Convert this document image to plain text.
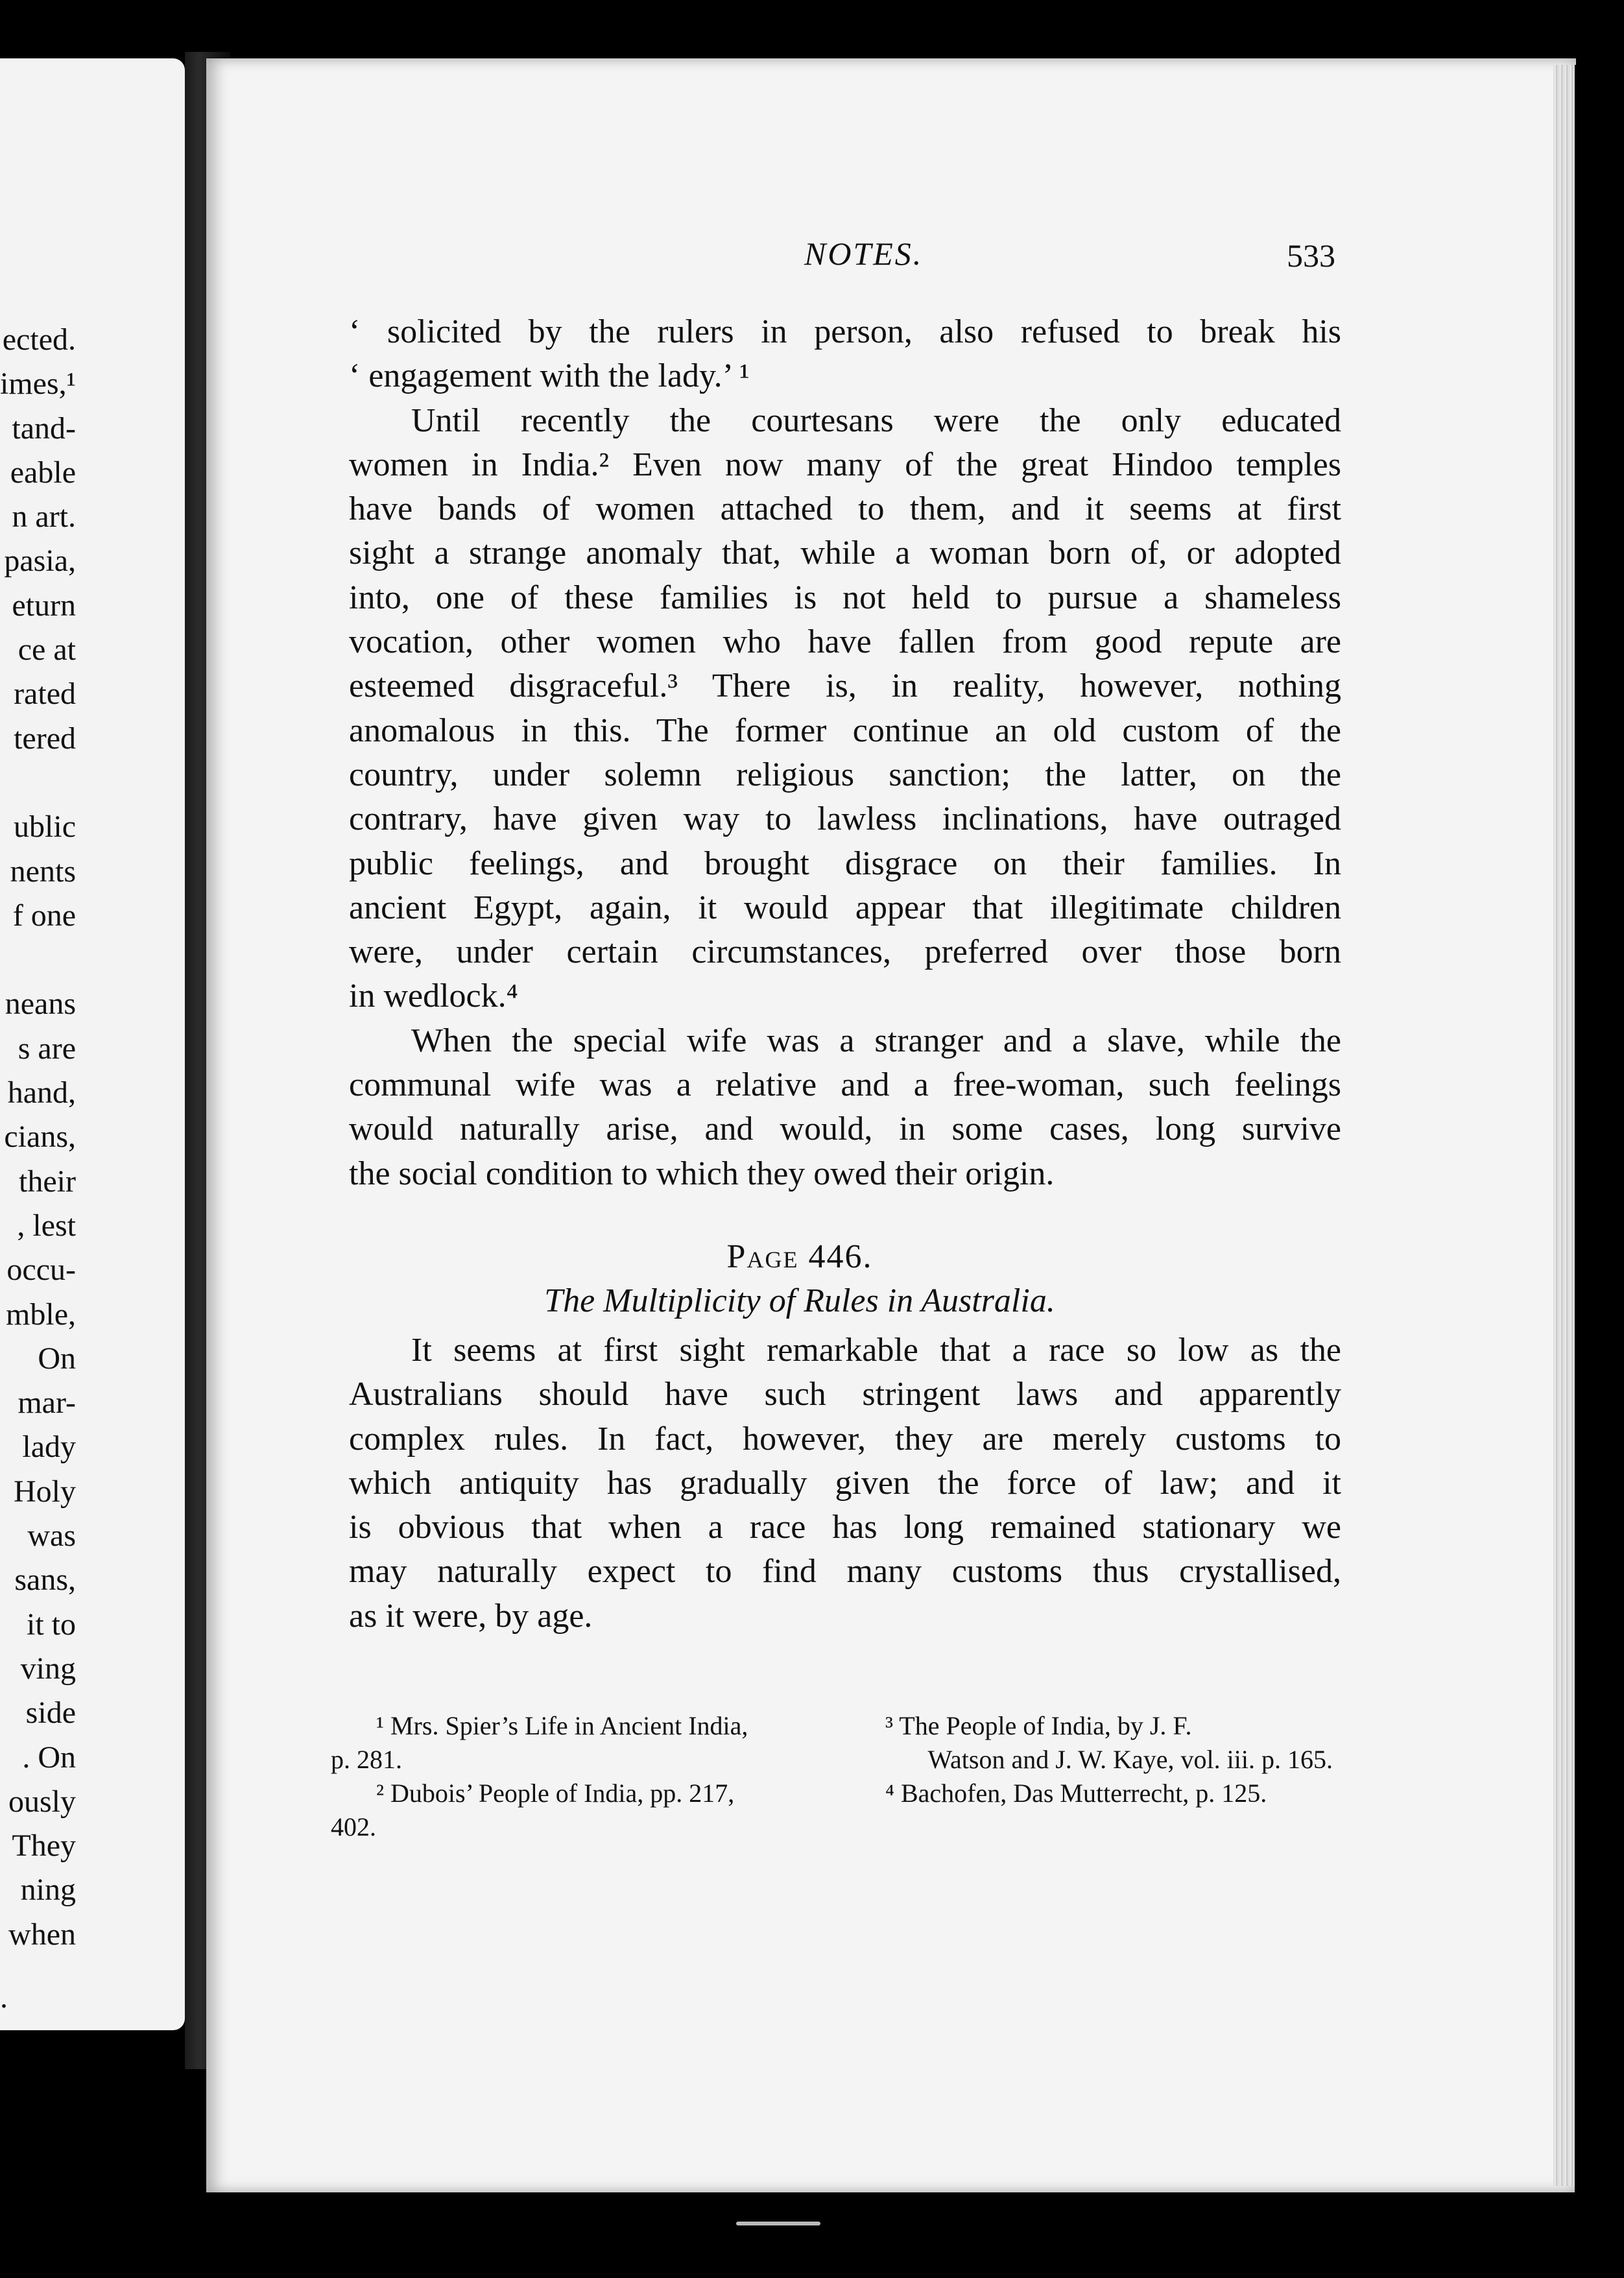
ected.
imes,¹
tand-
eable
n art.
pasia,
eturn
ce at
rated
tered

ublic
nents
f one

neans
s are
hand,
cians,
their
, lest
occu-
mble,
On
mar-
lady
Holy
was
sans,
it to
ving
side
. On
ously
They
ning
when
.
NOTES.	533
‘ solicited by the rulers in person, also refused to break his
‘ engagement with the lady.’ ¹
Until recently the courtesans were the only educated
women in India.² Even now many of the great Hindoo temples
have bands of women attached to them, and it seems at first
sight a strange anomaly that, while a woman born of, or adopted
into, one of these families is not held to pursue a shameless
vocation, other women who have fallen from good repute are
esteemed disgraceful.³ There is, in reality, however, nothing
anomalous in this. The former continue an old custom of the
country, under solemn religious sanction; the latter, on the
contrary, have given way to lawless inclinations, have outraged
public feelings, and brought disgrace on their families. In
ancient Egypt, again, it would appear that illegitimate children
were, under certain circumstances, preferred over those born
in wedlock.⁴
When the special wife was a stranger and a slave, while the
communal wife was a relative and a free-woman, such feelings
would naturally arise, and would, in some cases, long survive
the social condition to which they owed their origin.
Page 446.
The Multiplicity of Rules in Australia.
It seems at first sight remarkable that a race so low as the
Australians should have such stringent laws and apparently
complex rules. In fact, however, they are merely customs to
which antiquity has gradually given the force of law; and it
is obvious that when a race has long remained stationary we
may naturally expect to find many customs thus crystallised,
as it were, by age.
¹ Mrs. Spier’s Life in Ancient India,
p. 281.
² Dubois’ People of India, pp. 217,
402.
³ The People of India, by J. F.
Watson and J. W. Kaye, vol. iii. p. 165.
⁴ Bachofen, Das Mutterrecht, p. 125.
